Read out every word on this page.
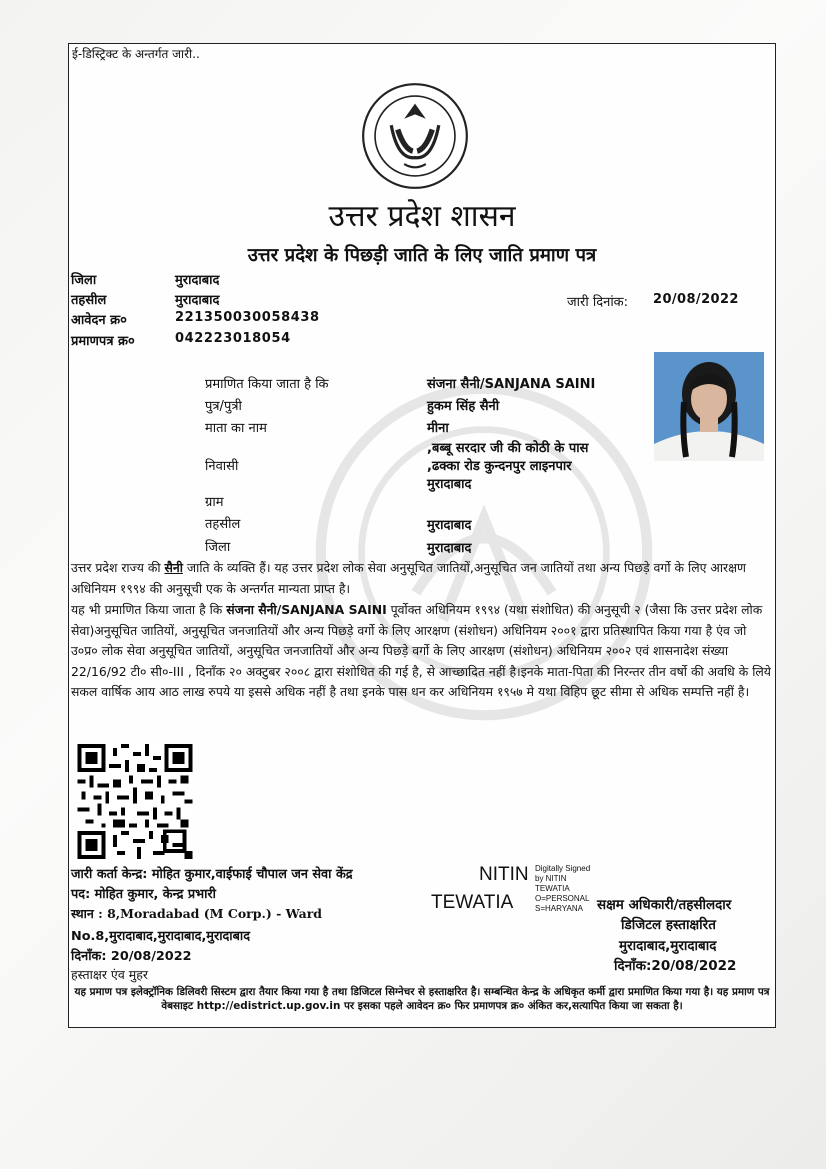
ई-डिस्ट्रिक्ट के अन्तर्गत जारी..
उत्तर प्रदेश शासन
उत्तर प्रदेश के पिछड़ी जाति के लिए जाति प्रमाण पत्र
जिला	मुरादाबाद
तहसील	मुरादाबाद
आवेदन क्र०	221350030058438
प्रमाणपत्र क्र०	042223018054
जारी दिनांक: 20/08/2022
प्रमाणित किया जाता है कि	संजना सैनी/SANJANA SAINI
पुत्र/पुत्री	हुकम सिंह सैनी
माता का नाम	मीना
,बब्बू सरदार जी की कोठी के पास
निवासी	,ढक्का रोड कुन्दनपुर लाइनपार
मुरादाबाद
ग्राम
तहसील	मुरादाबाद
जिला	मुरादाबाद
उत्तर प्रदेश राज्य की सैनी जाति के व्यक्ति हैं। यह उत्तर प्रदेश लोक सेवा अनुसूचित जातियों,अनुसूचित जन जातियों तथा अन्य पिछड़े वर्गो के लिए आरक्षण अधिनियम १९९४ की अनुसूची एक के अन्तर्गत मान्यता प्राप्त है।
यह भी प्रमाणित किया जाता है कि संजना सैनी/SANJANA SAINI पूर्वोक्त अधिनियम १९९४ (यथा संशोधित) की अनुसूची २ (जैसा कि उत्तर प्रदेश लोक सेवा)अनुसूचित जातियों, अनुसूचित जनजातियों और अन्य पिछड़े वर्गो के लिए आरक्षण (संशोधन) अधिनियम २००१ द्वारा प्रतिस्थापित किया गया है एंव जो उ०प्र० लोक सेवा अनुसूचित जातियों, अनुसूचित जनजातियों और अन्य पिछड़े वर्गो के लिए आरक्षण (संशोधन) अधिनियम २००२ एवं शासनादेश संख्या 22/16/92 टी० सी०-III , दिनाँक २० अक्टुबर २००८ द्वारा संशोधित की गई है, से आच्छादित नहीं है।इनके माता-पिता की निरन्तर तीन वर्षो की अवधि के लिये सकल वार्षिक आय आठ लाख रुपये या इससे अधिक नहीं है तथा इनके पास धन कर अधिनियम १९५७ मे यथा विहिप छूट सीमा से अधिक सम्पत्ति नहीं है।
जारी कर्ता केन्द्र: मोहित कुमार,वाईफाई चौपाल जन सेवा केंद्र
पद: मोहित कुमार, केन्द्र प्रभारी
स्थान : 8,Moradabad (M Corp.) - Ward
No.8,मुरादाबाद,मुरादाबाद,मुरादाबाद
दिनाँक: 20/08/2022
हस्ताक्षर एंव मुहर
NITIN
TEWATIA
Digitally Signed
by NITIN
TEWATIA
O=PERSONAL
S=HARYANA	सक्षम अधिकारी/तहसीलदार
डिजिटल हस्ताक्षरित
मुरादाबाद,मुरादाबाद
दिनाँक:20/08/2022
यह प्रमाण पत्र इलेक्ट्रॉनिक डिलिवरी सिस्टम द्वारा तैयार किया गया है तथा डिजिटल सिग्नेचर से हस्ताक्षरित है। सम्बन्धित केन्द्र के अधिकृत कर्मी द्वारा प्रमाणित किया गया है। यह प्रमाण पत्र वेबसाइट http://edistrict.up.gov.in पर इसका पहले आवेदन क्र० फिर प्रमाणपत्र क्र० अंकित कर,सत्यापित किया जा सकता है।
